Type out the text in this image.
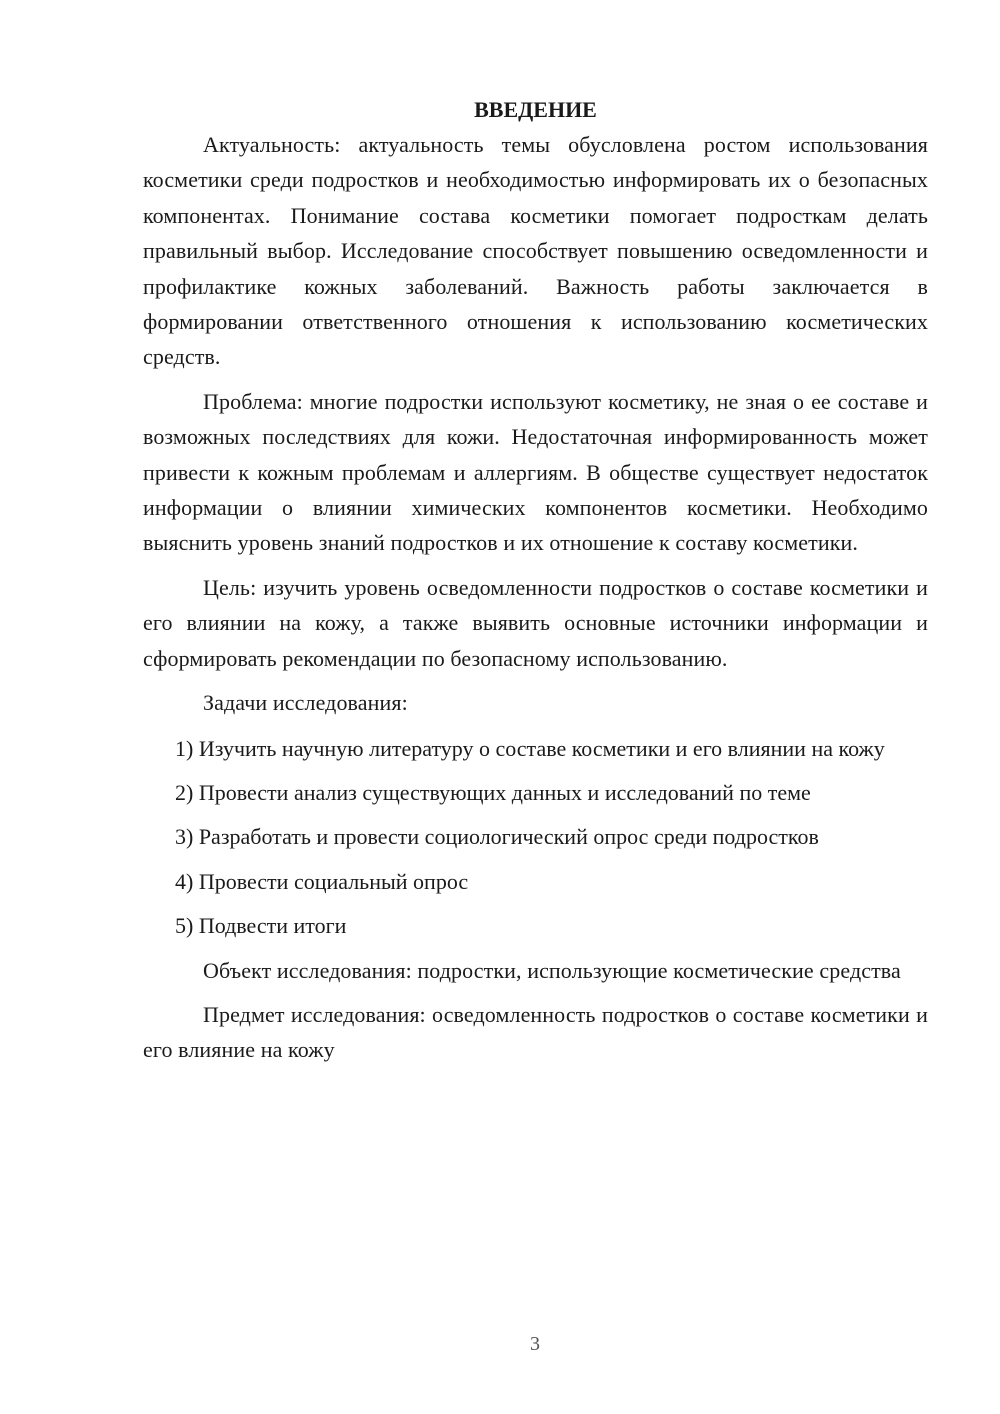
ВВЕДЕНИЕ

Актуальность: актуальность темы обусловлена ростом использования косметики среди подростков и необходимостью информировать их о безопасных компонентах. Понимание состава косметики помогает подросткам делать правильный выбор. Исследование способствует повышению осведомленности и профилактике кожных заболеваний. Важность работы заключается в формировании ответственного отношения к использованию косметических средств.

Проблема: многие подростки используют косметику, не зная о ее составе и возможных последствиях для кожи. Недостаточная информированность может привести к кожным проблемам и аллергиям. В обществе существует недостаток информации о влиянии химических компонентов косметики. Необходимо выяснить уровень знаний подростков и их отношение к составу косметики.

Цель: изучить уровень осведомленности подростков о составе косметики и его влиянии на кожу, а также выявить основные источники информации и сформировать рекомендации по безопасному использованию.

Задачи исследования:

1) Изучить научную литературу о составе косметики и его влиянии на кожу

2) Провести анализ существующих данных и исследований по теме

3) Разработать и провести социологический опрос среди подростков

4) Провести социальный опрос

5) Подвести итоги

Объект исследования: подростки, использующие косметические средства

Предмет исследования: осведомленность подростков о составе косметики и его влияние на кожу

3
